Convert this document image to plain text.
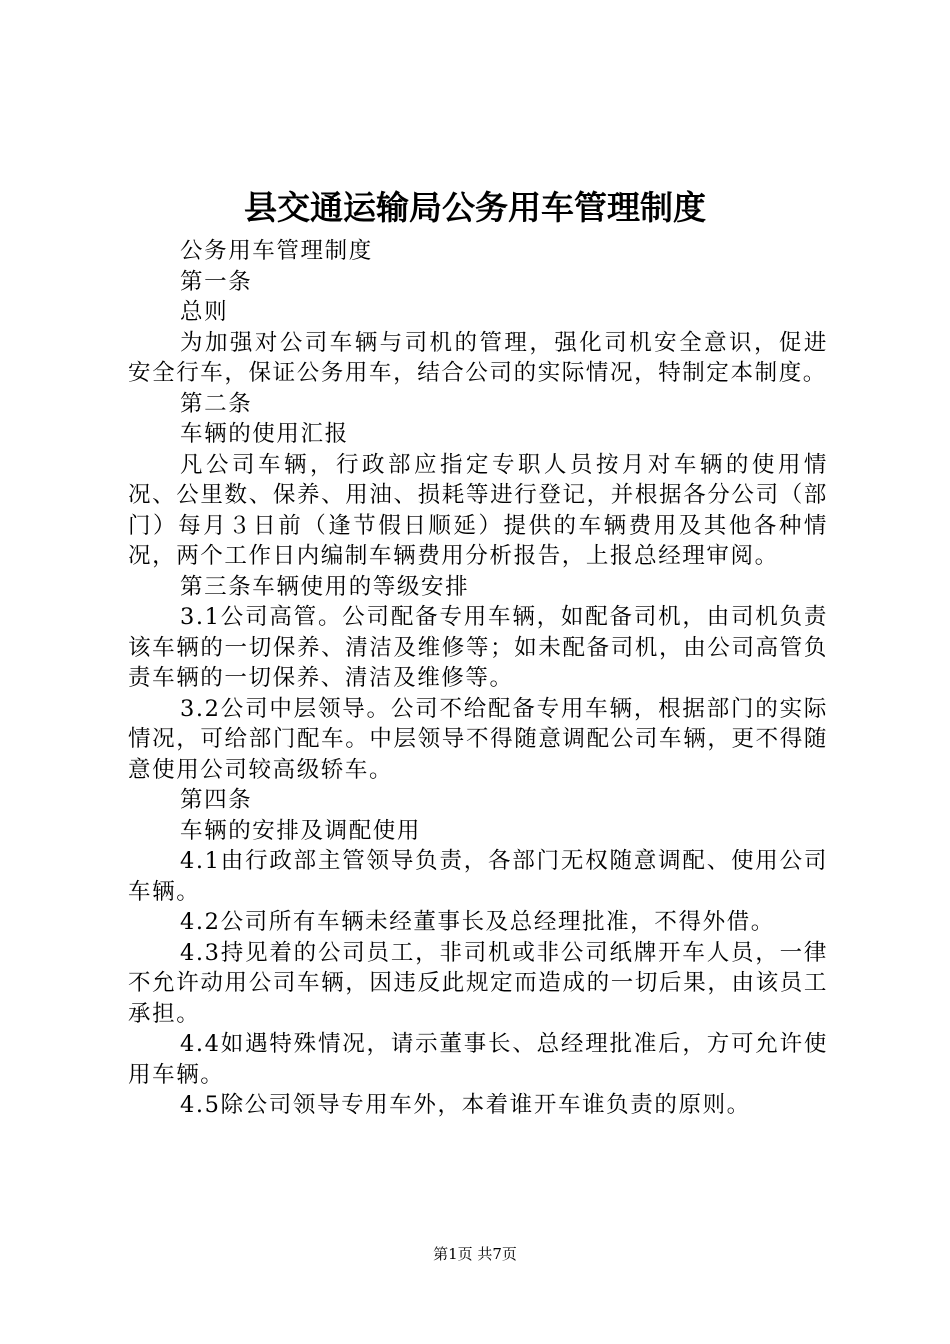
县交通运输局公务用车管理制度

公务用车管理制度

第一条

总则

为加强对公司车辆与司机的管理，强化司机安全意识，促进安全行车，保证公务用车，结合公司的实际情况，特制定本制度。

第二条

车辆的使用汇报

凡公司车辆，行政部应指定专职人员按月对车辆的使用情况、公里数、保养、用油、损耗等进行登记，并根据各分公司（部门）每月３日前（逢节假日顺延）提供的车辆费用及其他各种情况，两个工作日内编制车辆费用分析报告，上报总经理审阅。

第三条车辆使用的等级安排

3.1公司高管。公司配备专用车辆，如配备司机，由司机负责该车辆的一切保养、清洁及维修等；如未配备司机，由公司高管负责车辆的一切保养、清洁及维修等。

3.2公司中层领导。公司不给配备专用车辆，根据部门的实际情况，可给部门配车。中层领导不得随意调配公司车辆，更不得随意使用公司较高级轿车。

第四条

车辆的安排及调配使用

4.1由行政部主管领导负责，各部门无权随意调配、使用公司车辆。

4.2公司所有车辆未经董事长及总经理批准，不得外借。

4.3持见着的公司员工，非司机或非公司纸牌开车人员，一律不允许动用公司车辆，因违反此规定而造成的一切后果，由该员工承担。

4.4如遇特殊情况，请示董事长、总经理批准后，方可允许使用车辆。

4.5除公司领导专用车外，本着谁开车谁负责的原则。

第1页 共7页
